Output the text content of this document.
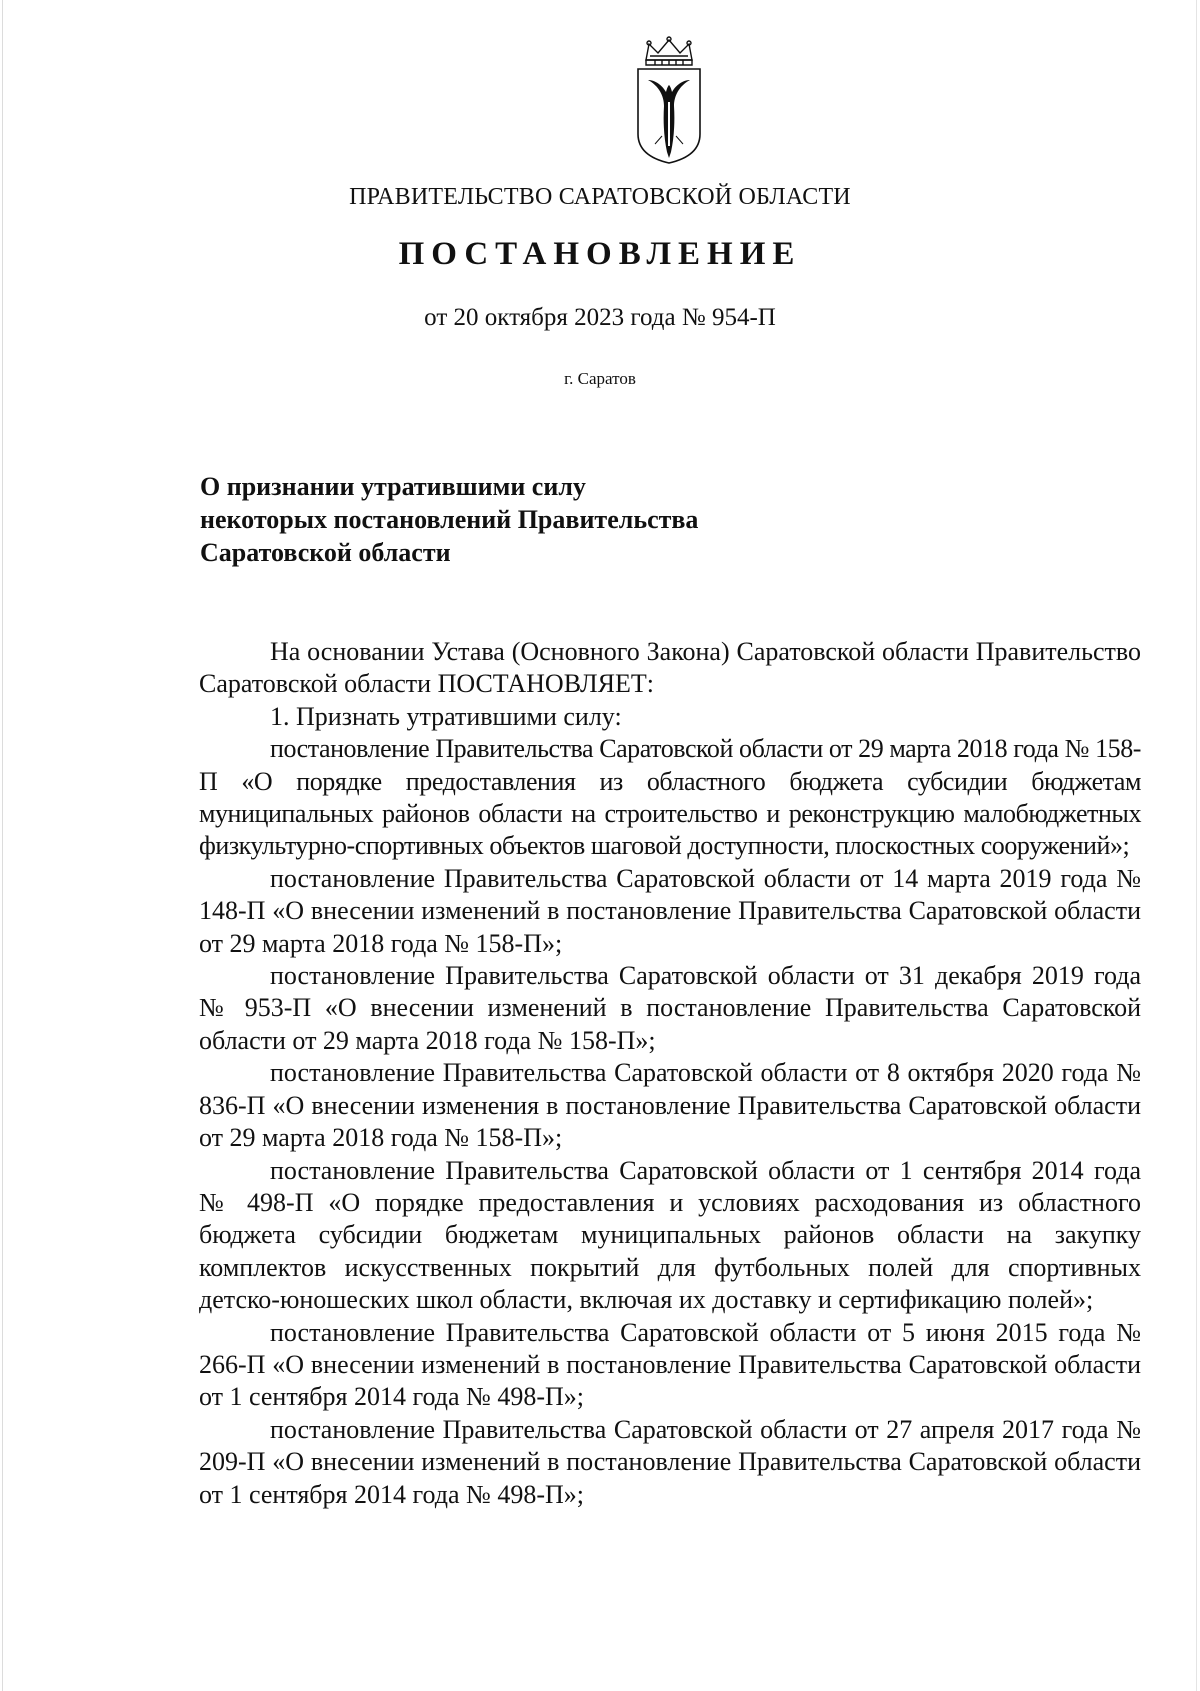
ПРАВИТЕЛЬСТВО САРАТОВСКОЙ ОБЛАСТИ
ПОСТАНОВЛЕНИЕ
от 20 октября 2023 года № 954-П
г. Саратов
О признании утратившими силу
некоторых постановлений Правительства
Саратовской области

На основании Устава (Основного Закона) Саратовской области Правительство Саратовской области ПОСТАНОВЛЯЕТ:

1. Признать утратившими силу:

постановление Правительства Саратовской области от 29 марта 2018 года № 158-П «О порядке предоставления из областного бюджета субсидии бюджетам муниципальных районов области на строительство и реконструкцию малобюджетных физкультурно-спортивных объектов шаговой доступности, плоскостных сооружений»;

постановление Правительства Саратовской области от 14 марта 2019 года № 148-П «О внесении изменений в постановление Правительства Саратовской области от 29 марта 2018 года № 158-П»;

постановление Правительства Саратовской области от 31 декабря 2019 года № 953-П «О внесении изменений в постановление Правительства Саратовской области от 29 марта 2018 года № 158-П»;

постановление Правительства Саратовской области от 8 октября 2020 года № 836-П «О внесении изменения в постановление Правительства Саратовской области от 29 марта 2018 года № 158-П»;

постановление Правительства Саратовской области от 1 сентября 2014 года № 498-П «О порядке предоставления и условиях расходования из областного бюджета субсидии бюджетам муниципальных районов области на закупку комплектов искусственных покрытий для футбольных полей для спортивных детско-юношеских школ области, включая их доставку и сертификацию полей»;

постановление Правительства Саратовской области от 5 июня 2015 года № 266-П «О внесении изменений в постановление Правительства Саратовской области от 1 сентября 2014 года № 498-П»;

постановление Правительства Саратовской области от 27 апреля 2017 года № 209-П «О внесении изменений в постановление Правительства Саратовской области от 1 сентября 2014 года № 498-П»;
